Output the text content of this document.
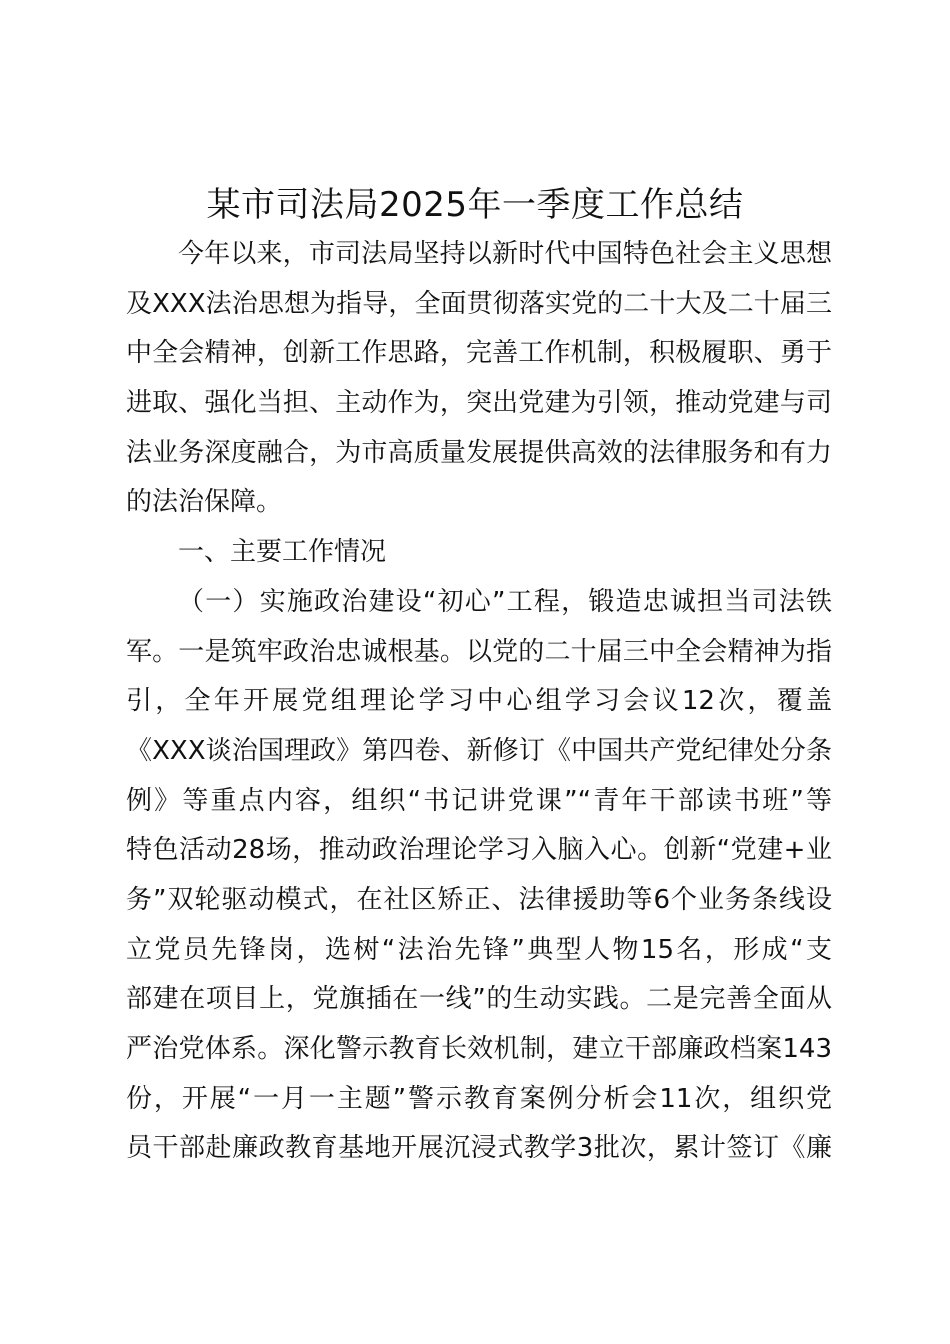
某市司法局2025年一季度工作总结
今年以来，市司法局坚持以新时代中国特色社会主义思想
及XXX法治思想为指导，全面贯彻落实党的二十大及二十届三
中全会精神，创新工作思路，完善工作机制，积极履职、勇于
进取、强化当担、主动作为，突出党建为引领，推动党建与司
法业务深度融合，为市高质量发展提供高效的法律服务和有力
的法治保障。
一、主要工作情况
（一）实施政治建设“初心”工程，锻造忠诚担当司法铁
军。一是筑牢政治忠诚根基。以党的二十届三中全会精神为指
引，全年开展党组理论学习中心组学习会议12次，覆盖
《XXX谈治国理政》第四卷、新修订《中国共产党纪律处分条
例》等重点内容，组织“书记讲党课”“青年干部读书班”等
特色活动28场，推动政治理论学习入脑入心。创新“党建+业
务”双轮驱动模式，在社区矫正、法律援助等6个业务条线设
立党员先锋岗，选树“法治先锋”典型人物15名，形成“支
部建在项目上，党旗插在一线”的生动实践。二是完善全面从
严治党体系。深化警示教育长效机制，建立干部廉政档案143
份，开展“一月一主题”警示教育案例分析会11次，组织党
员干部赴廉政教育基地开展沉浸式教学3批次，累计签订《廉
